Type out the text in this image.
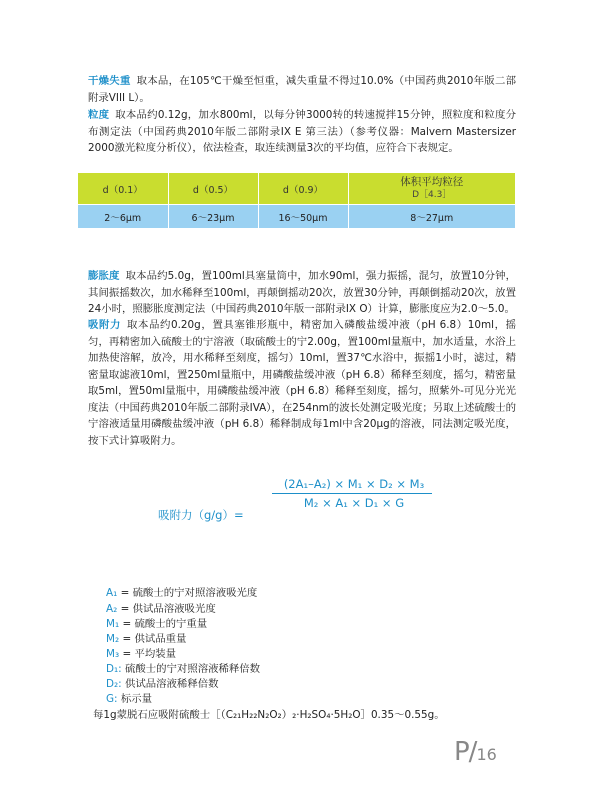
干燥失重 取本品，在105℃干燥至恒重，减失重量不得过10.0%（中国药典2010年版二部附录VIII L）。

粒度 取本品约0.12g，加水800ml，以每分钟3000转的转速搅拌15分钟，照粒度和粒度分布测定法（中国药典2010年版二部附录IX E 第三法）（参考仪器：Malvern Mastersizer 2000激光粒度分析仪），依法检查，取连续测量3次的平均值，应符合下表规定。

d（0.1）	d（0.5）	d（0.9）	体积平均粒径
D［4.3］

2～6μm	6～23μm	16～50μm	8～27μm

膨胀度 取本品约5.0g，置100ml具塞量筒中，加水90ml，强力振摇，混匀，放置10分钟，其间振摇数次，加水稀释至100ml，再颠倒摇动20次，放置30分钟，再颠倒摇动20次，放置24小时，照膨胀度测定法（中国药典2010年版一部附录IX O）计算，膨胀度应为2.0～5.0。

吸附力 取本品约0.20g，置具塞锥形瓶中，精密加入磷酸盐缓冲液（pH 6.8）10ml，摇匀，再精密加入硫酸士的宁溶液（取硫酸士的宁2.00g，置100ml量瓶中，加水适量，水浴上加热使溶解，放冷，用水稀释至刻度，摇匀）10ml，置37℃水浴中，振摇1小时，滤过，精密量取滤液10ml，置250ml量瓶中，用磷酸盐缓冲液（pH 6.8）稀释至刻度，摇匀，精密量取5ml，置50ml量瓶中，用磷酸盐缓冲液（pH 6.8）稀释至刻度，摇匀，照紫外-可见分光光度法（中国药典2010年版二部附录IVA），在254nm的波长处测定吸光度；另取上述硫酸士的宁溶液适量用磷酸盐缓冲液（pH 6.8）稀释制成每1ml中含20μg的溶液，同法测定吸光度，按下式计算吸附力。

吸附力（g/g）=
(2A₁–A₂) × M₁ × D₂ × M₃
M₂ × A₁ × D₁ × G
A₁ = 硫酸士的宁对照溶液吸光度
A₂ = 供试品溶液吸光度
M₁ = 硫酸士的宁重量
M₂ = 供试品重量
M₃ = 平均装量
D₁: 硫酸士的宁对照溶液稀释倍数
D₂: 供试品溶液稀释倍数
G: 标示量
每1g蒙脱石应吸附硫酸士［（C₂₁H₂₂N₂O₂）₂·H₂SO₄·5H₂O］0.35～0.55g。
P/16
